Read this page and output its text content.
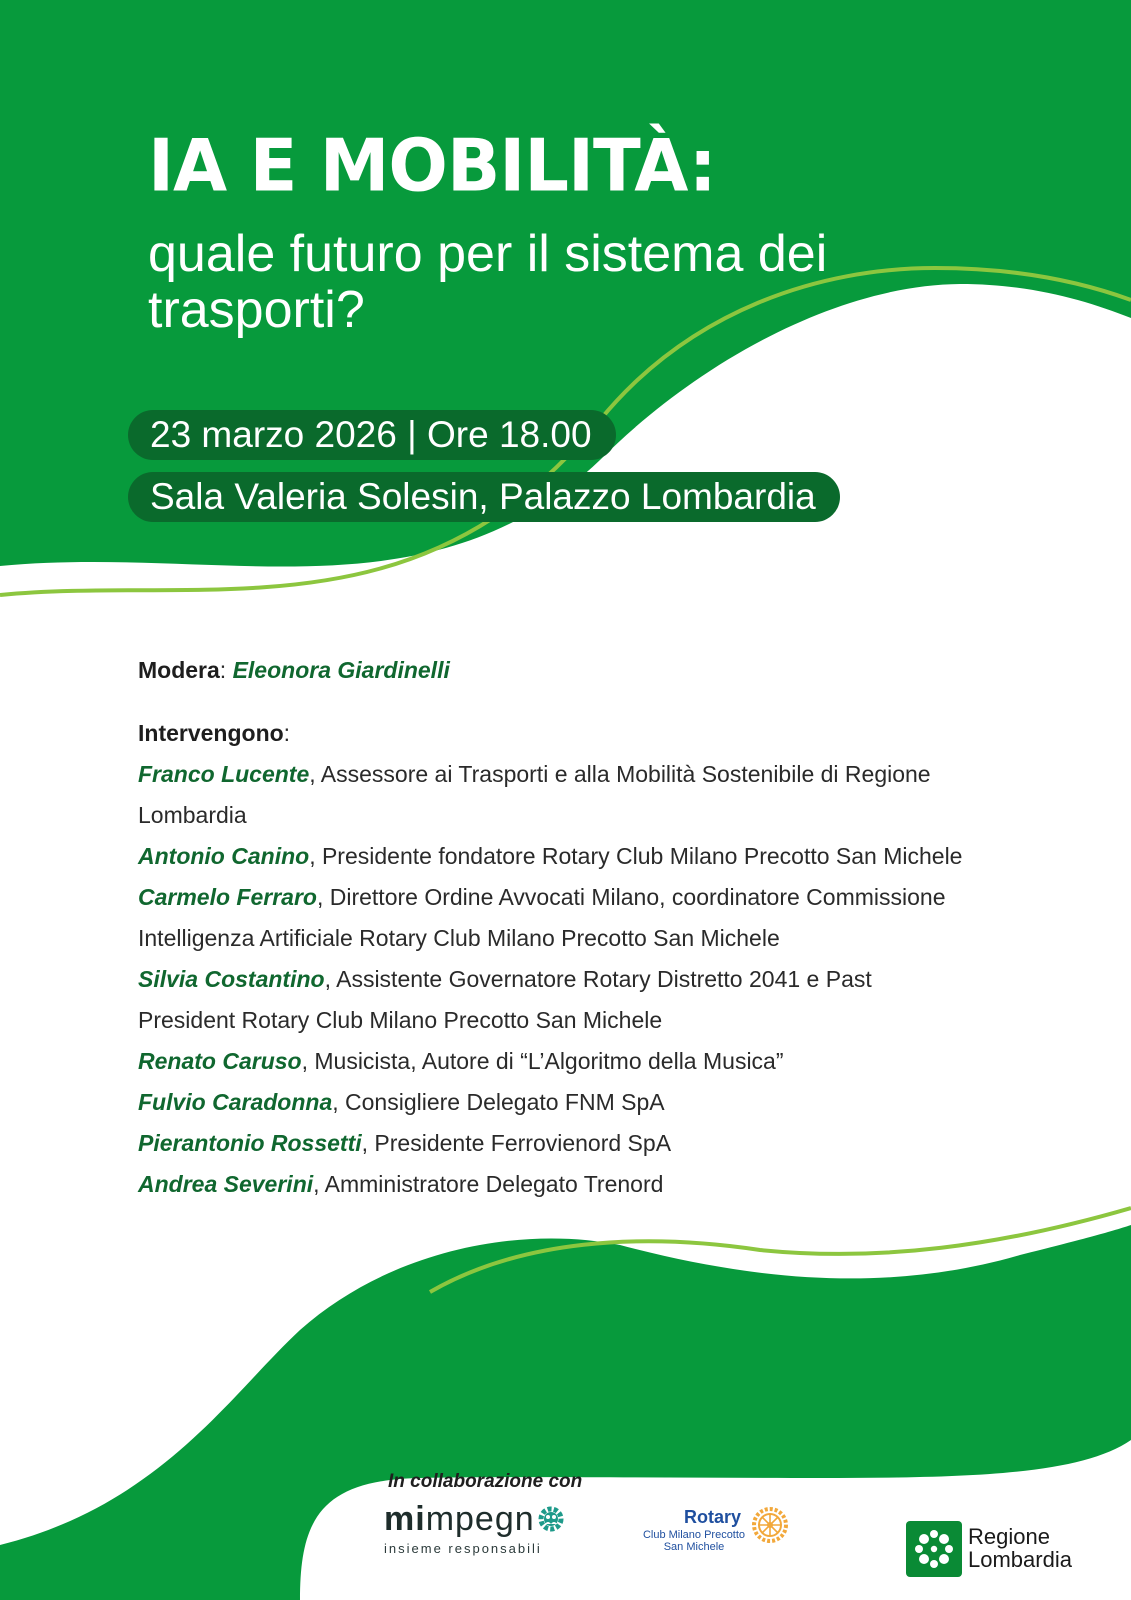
IA E MOBILITÀ:

quale futuro per il sistema dei trasporti?

23 marzo 2026 | Ore 18.00
Sala Valeria Solesin, Palazzo Lombardia
Modera: Eleonora Giardinelli
Intervengono:
Franco Lucente, Assessore ai Trasporti e alla Mobilità Sostenibile di Regione
Lombardia
Antonio Canino, Presidente fondatore Rotary Club Milano Precotto San Michele
Carmelo Ferraro, Direttore Ordine Avvocati Milano, coordinatore Commissione
Intelligenza Artificiale Rotary Club Milano Precotto San Michele
Silvia Costantino, Assistente Governatore Rotary Distretto 2041 e Past
President Rotary Club Milano Precotto San Michele
Renato Caruso, Musicista, Autore di “L’Algoritmo della Musica”
Fulvio Caradonna, Consigliere Delegato FNM SpA
Pierantonio Rossetti, Presidente Ferrovienord SpA
Andrea Severini, Amministratore Delegato Trenord
In collaborazione con
mimpegn
insieme responsabili
Rotary
Club Milano Precotto
San Michele	Regione
Lombardia
